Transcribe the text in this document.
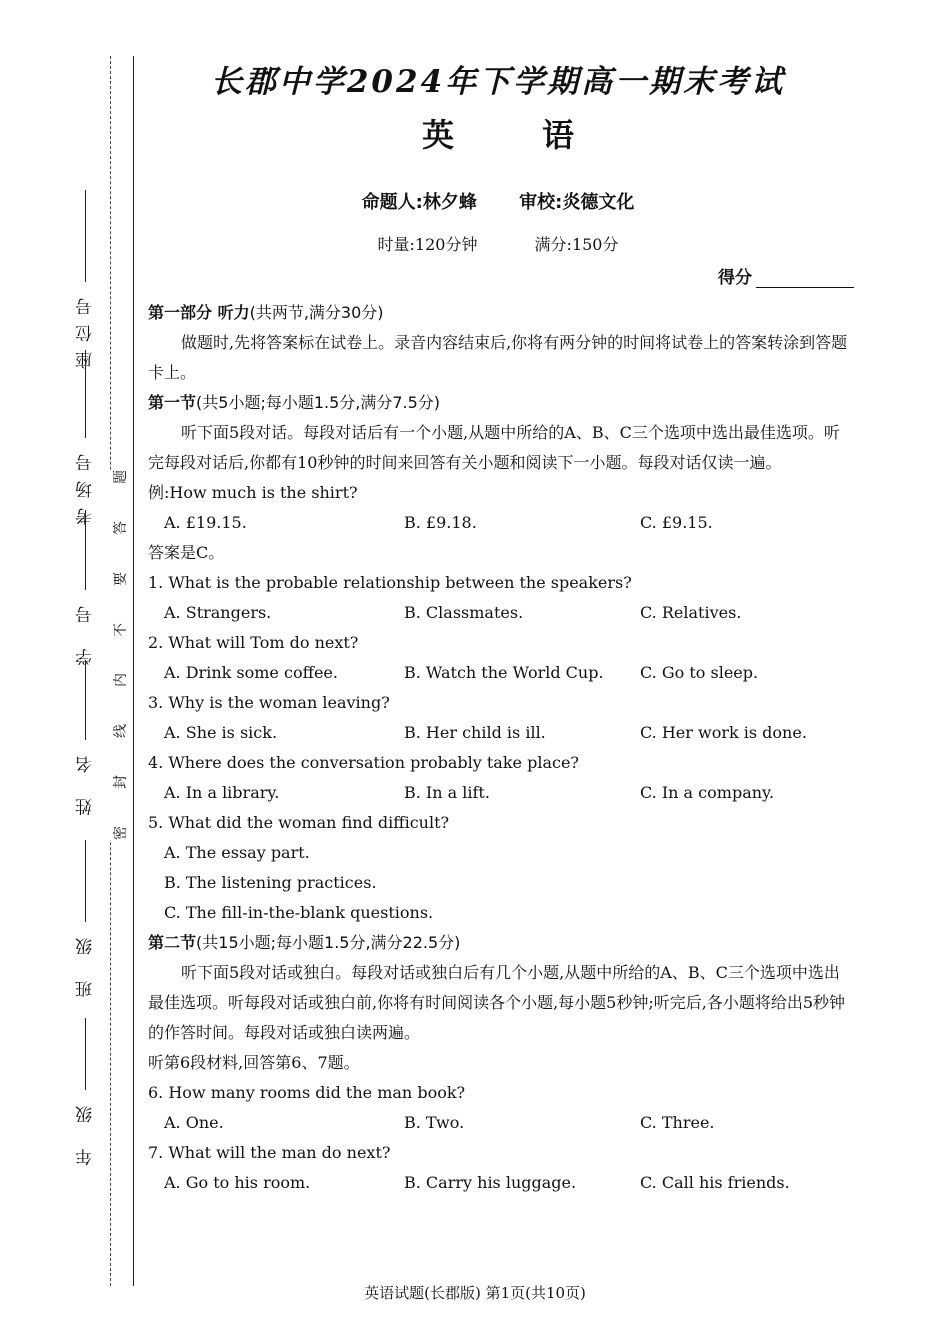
座位号
考场号
学 号
姓 名
班 级
年 级
题
答
要
不
内
线
封
密
长郡中学2024年下学期高一期末考试
英	语
命题人:林夕蜂 审校:炎德文化
时量:120分钟	满分:150分
得分

第一部分 听力(共两节,满分30分)

做题时,先将答案标在试卷上。录音内容结束后,你将有两分钟的时间将试卷上的答案转涂到答题卡上。

第一节(共5小题;每小题1.5分,满分7.5分)

听下面5段对话。每段对话后有一个小题,从题中所给的A、B、C三个选项中选出最佳选项。听完每段对话后,你都有10秒钟的时间来回答有关小题和阅读下一小题。每段对话仅读一遍。

例:How much is the shirt?

A. £19.15.	B. £9.18.	C. £9.15.

答案是C。

1. What is the probable relationship between the speakers?

A. Strangers.	B. Classmates.	C. Relatives.

2. What will Tom do next?

A. Drink some coffee.	B. Watch the World Cup.	C. Go to sleep.

3. Why is the woman leaving?

A. She is sick.	B. Her child is ill.	C. Her work is done.

4. Where does the conversation probably take place?

A. In a library.	B. In a lift.	C. In a company.

5. What did the woman find difficult?

A. The essay part.

B. The listening practices.

C. The fill-in-the-blank questions.

第二节(共15小题;每小题1.5分,满分22.5分)

听下面5段对话或独白。每段对话或独白后有几个小题,从题中所给的A、B、C三个选项中选出最佳选项。听每段对话或独白前,你将有时间阅读各个小题,每小题5秒钟;听完后,各小题将给出5秒钟的作答时间。每段对话或独白读两遍。

听第6段材料,回答第6、7题。

6. How many rooms did the man book?

A. One.	B. Two.	C. Three.

7. What will the man do next?

A. Go to his room.	B. Carry his luggage.	C. Call his friends.
英语试题(长郡版) 第1页(共10页)
